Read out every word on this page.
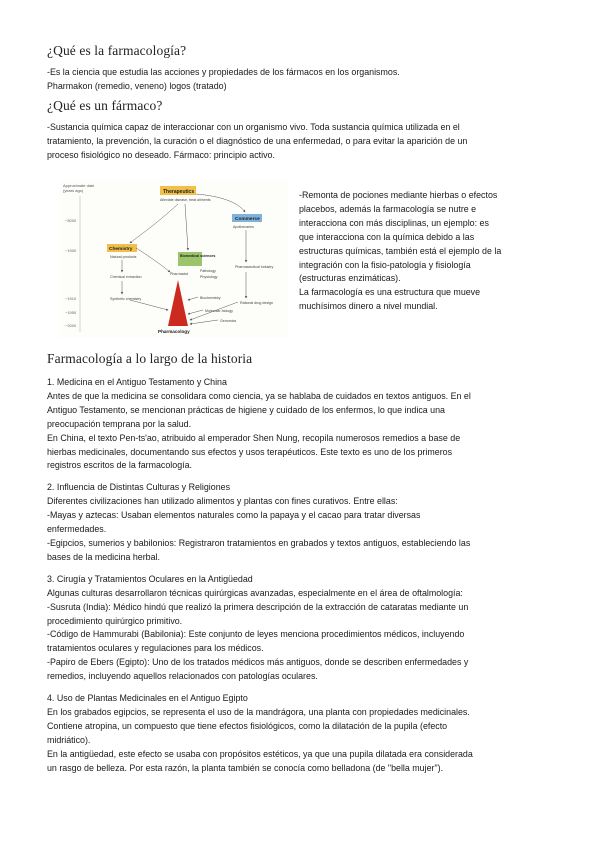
¿Qué es la farmacología?

-Es la ciencia que estudia las acciones y propiedades de los fármacos en los organismos.

Pharmakon (remedio, veneno) logos (tratado)

¿Qué es un fármaco?

-Sustancia química capaz de interaccionar con un organismo vivo. Toda sustancia química utilizada en el

tratamiento, la prevención, la curación o el diagnóstico de una enfermedad, o para evitar la aparición de un

proceso fisiológico no deseado. Fármaco: principio activo.

Approximate date
(years ago)
~5000
~1900
~1910
~1950
~2000
Therapeutics
Alleviate disease, treat ailments
Commerce
Apothecaries
Chemistry
Natural products	Biomedical sciences
Chemical extraction
Synthetic chemistry
Pathology
Physiology
Pharmacist
Pharmaceutical industry
Biochemistry
Molecular biology
Rational drug design
Genomics
Pharmacology

-Remonta de pociones mediante hierbas o efectos

placebos, además la farmacología se nutre e

interacciona con más disciplinas, un ejemplo: es

que interacciona con la química debido a las

estructuras químicas, también está el ejemplo de la

integración con la fisio-patología y fisiología

(estructuras enzimáticas).

La farmacología es una estructura que mueve

muchísimos dinero a nivel mundial.

Farmacología a lo largo de la historia

1. Medicina en el Antiguo Testamento y China

Antes de que la medicina se consolidara como ciencia, ya se hablaba de cuidados en textos antiguos. En el

Antiguo Testamento, se mencionan prácticas de higiene y cuidado de los enfermos, lo que indica una

preocupación temprana por la salud.

En China, el texto Pen-ts'ao, atribuido al emperador Shen Nung, recopila numerosos remedios a base de

hierbas medicinales, documentando sus efectos y usos terapéuticos. Este texto es uno de los primeros

registros escritos de la farmacología.

2. Influencia de Distintas Culturas y Religiones

Diferentes civilizaciones han utilizado alimentos y plantas con fines curativos. Entre ellas:

-Mayas y aztecas: Usaban elementos naturales como la papaya y el cacao para tratar diversas

enfermedades.

-Egipcios, sumerios y babilonios: Registraron tratamientos en grabados y textos antiguos, estableciendo las

bases de la medicina herbal.

3. Cirugía y Tratamientos Oculares en la Antigüedad

Algunas culturas desarrollaron técnicas quirúrgicas avanzadas, especialmente en el área de oftalmología:

-Susruta (India): Médico hindú que realizó la primera descripción de la extracción de cataratas mediante un

procedimiento quirúrgico primitivo.

-Código de Hammurabi (Babilonia): Este conjunto de leyes menciona procedimientos médicos, incluyendo

tratamientos oculares y regulaciones para los médicos.

-Papiro de Ebers (Egipto): Uno de los tratados médicos más antiguos, donde se describen enfermedades y

remedios, incluyendo aquellos relacionados con patologías oculares.

4. Uso de Plantas Medicinales en el Antiguo Egipto

En los grabados egipcios, se representa el uso de la mandrágora, una planta con propiedades medicinales.

Contiene atropina, un compuesto que tiene efectos fisiológicos, como la dilatación de la pupila (efecto

midriático).

En la antigüedad, este efecto se usaba con propósitos estéticos, ya que una pupila dilatada era considerada

un rasgo de belleza. Por esta razón, la planta también se conocía como belladona (de "bella mujer").
